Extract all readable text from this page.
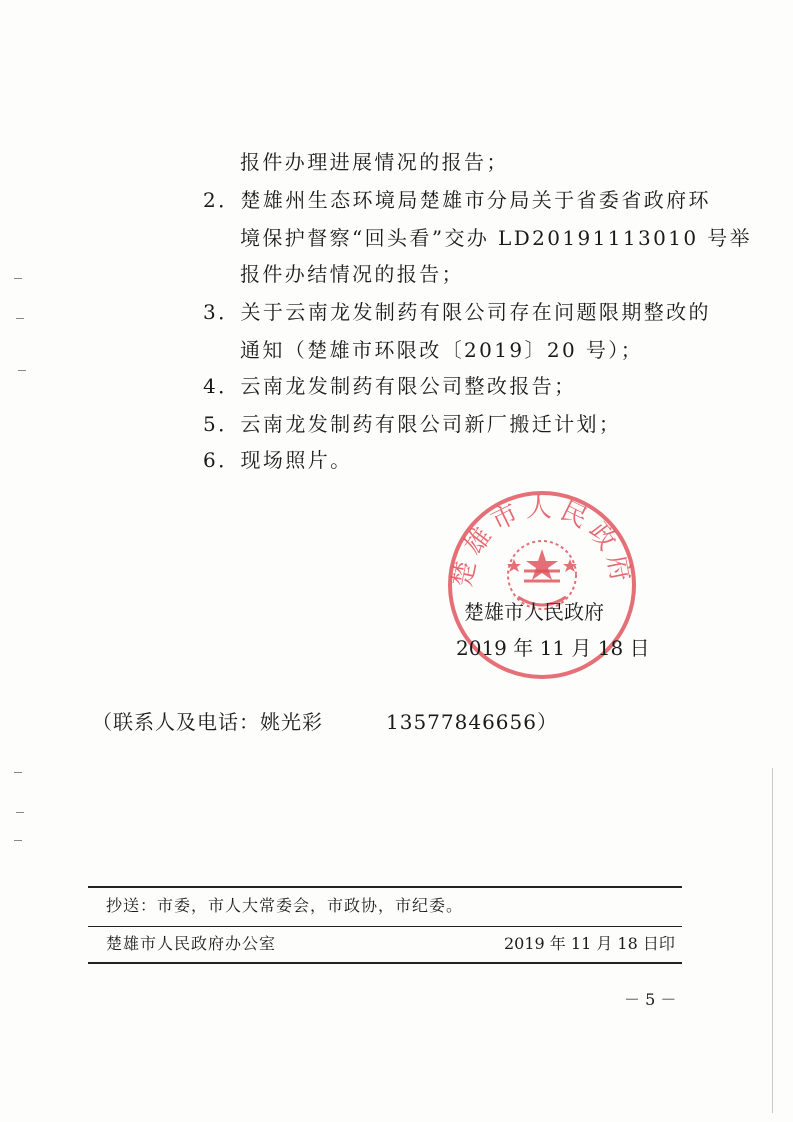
报件办理进展情况的报告；
2．楚雄州生态环境局楚雄市分局关于省委省政府环
境保护督察“回头看”交办 LD20191113010 号举
报件办结情况的报告；
3．关于云南龙发制药有限公司存在问题限期整改的
通知（楚雄市环限改〔2019〕20 号）；
4．云南龙发制药有限公司整改报告；
5．云南龙发制药有限公司新厂搬迁计划；
6．现场照片。
楚雄市人民政府
楚雄市人民政府
2019 年 11 月 18 日
（联系人及电话：姚光彩　　　13577846656）
抄送：市委，市人大常委会，市政协，市纪委。
楚雄市人民政府办公室	2019 年 11 月 18 日印
－ 5 －
